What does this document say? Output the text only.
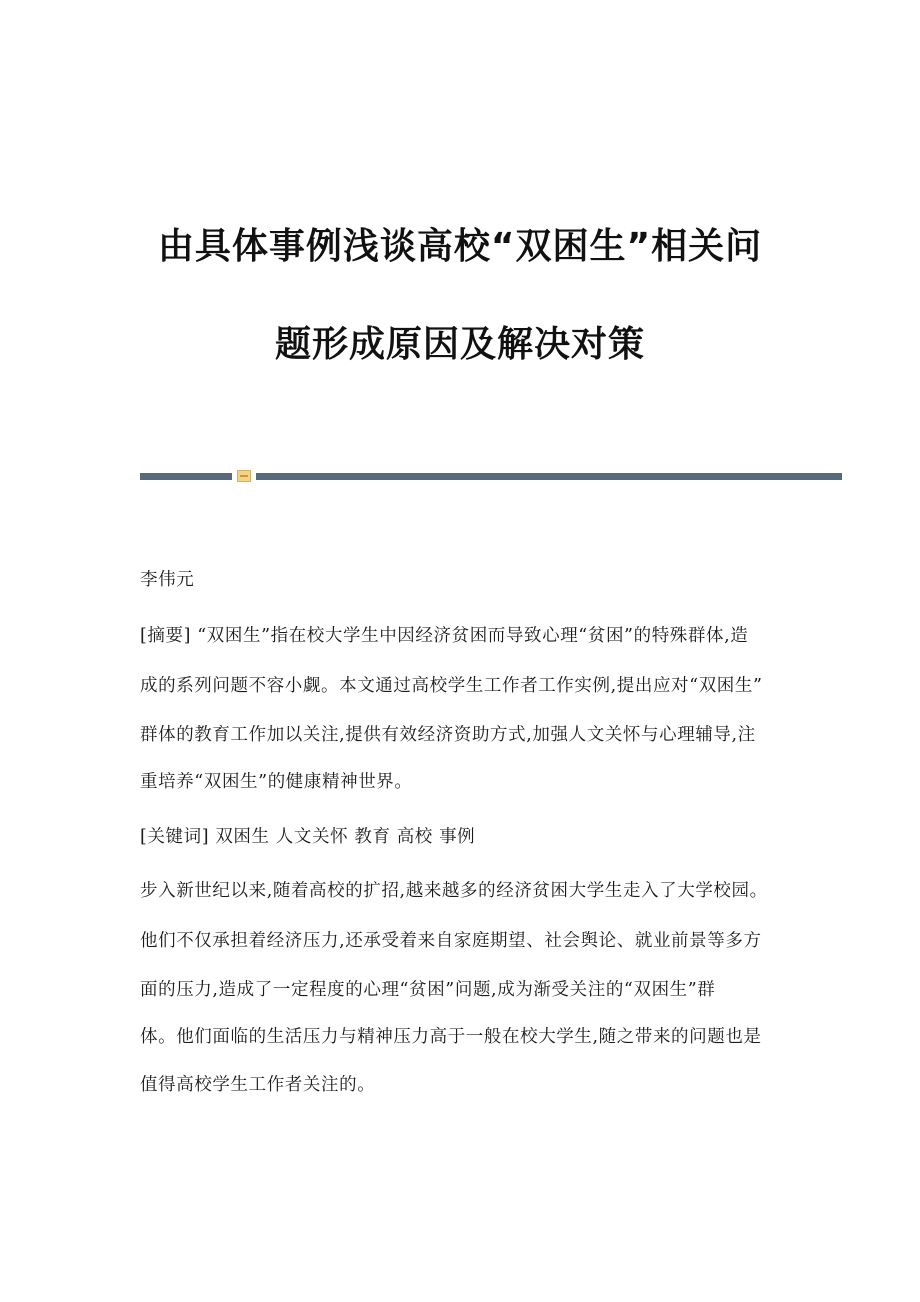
由具体事例浅谈高校“双困生”相关问
题形成原因及解决对策
李伟元
[摘要] “双困生”指在校大学生中因经济贫困而导致心理“贫困”的特殊群体,造
成的系列问题不容小觑。本文通过高校学生工作者工作实例,提出应对“双困生”
群体的教育工作加以关注,提供有效经济资助方式,加强人文关怀与心理辅导,注
重培养“双困生”的健康精神世界。
[关键词] 双困生 人文关怀 教育 高校 事例
步入新世纪以来,随着高校的扩招,越来越多的经济贫困大学生走入了大学校园。
他们不仅承担着经济压力,还承受着来自家庭期望、社会舆论、就业前景等多方
面的压力,造成了一定程度的心理“贫困”问题,成为渐受关注的“双困生”群
体。他们面临的生活压力与精神压力高于一般在校大学生,随之带来的问题也是
值得高校学生工作者关注的。
